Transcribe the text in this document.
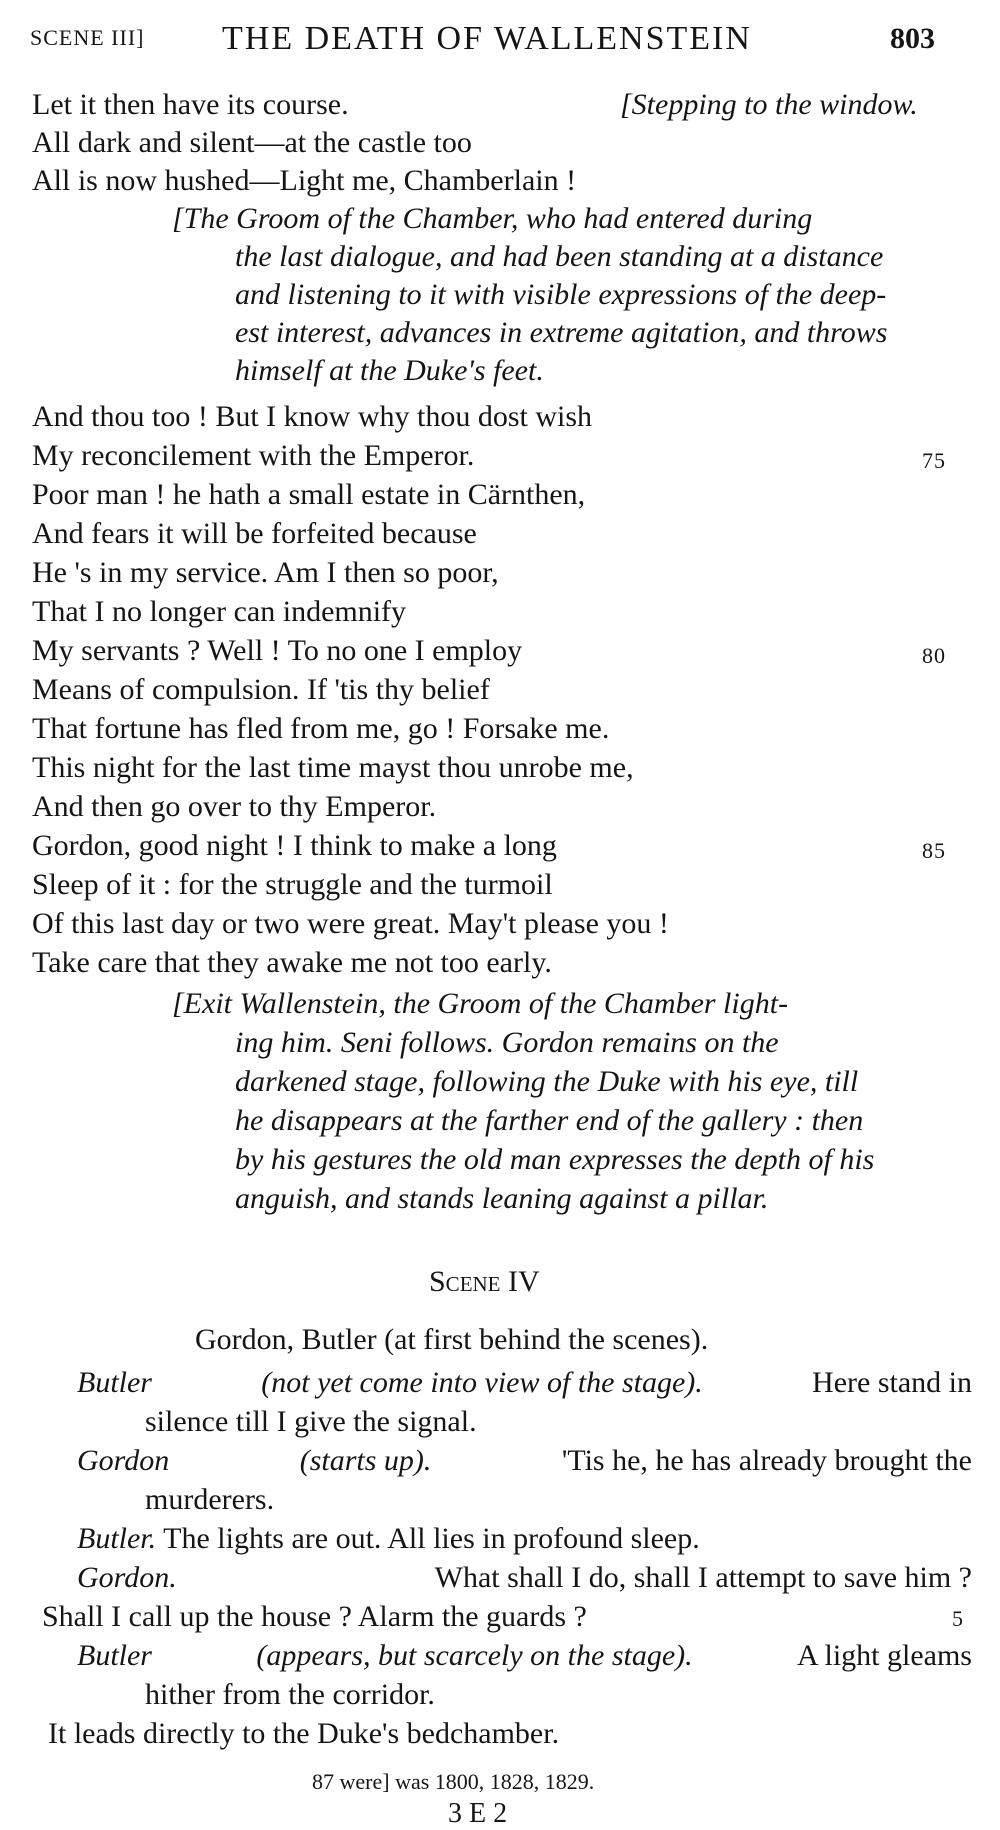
SCENE III] THE DEATH OF WALLENSTEIN	803
Let it then have its course.	[Stepping to the window.
All dark and silent—at the castle too
All is now hushed—Light me, Chamberlain !
[The Groom of the Chamber, who had entered during
the last dialogue, and had been standing at a distance
and listening to it with visible expressions of the deep-
est interest, advances in extreme agitation, and throws
himself at the Duke's feet.
And thou too ! But I know why thou dost wish
My reconcilement with the Emperor.	75
Poor man ! he hath a small estate in Cärnthen,
And fears it will be forfeited because
He 's in my service. Am I then so poor,
That I no longer can indemnify
My servants ? Well ! To no one I employ	80
Means of compulsion. If 'tis thy belief
That fortune has fled from me, go ! Forsake me.
This night for the last time mayst thou unrobe me,
And then go over to thy Emperor.
Gordon, good night ! I think to make a long	85
Sleep of it : for the struggle and the turmoil
Of this last day or two were great. May't please you !
Take care that they awake me not too early.
[Exit Wallenstein, the Groom of the Chamber light-
ing him. Seni follows. Gordon remains on the
darkened stage, following the Duke with his eye, till
he disappears at the farther end of the gallery : then
by his gestures the old man expresses the depth of his
anguish, and stands leaning against a pillar.
Scene IV
Gordon, Butler (at first behind the scenes).
Butler	(not yet come into view of the stage).	Here stand in
silence till I give the signal.
Gordon	(starts up).	'Tis he, he has already brought the
murderers.
Butler. The lights are out. All lies in profound sleep.
Gordon.	What shall I do, shall I attempt to save him ?
Shall I call up the house ? Alarm the guards ?	5
Butler	(appears, but scarcely on the stage).	A light gleams
hither from the corridor.
It leads directly to the Duke's bedchamber.
87 were] was 1800, 1828, 1829.
3 E 2
